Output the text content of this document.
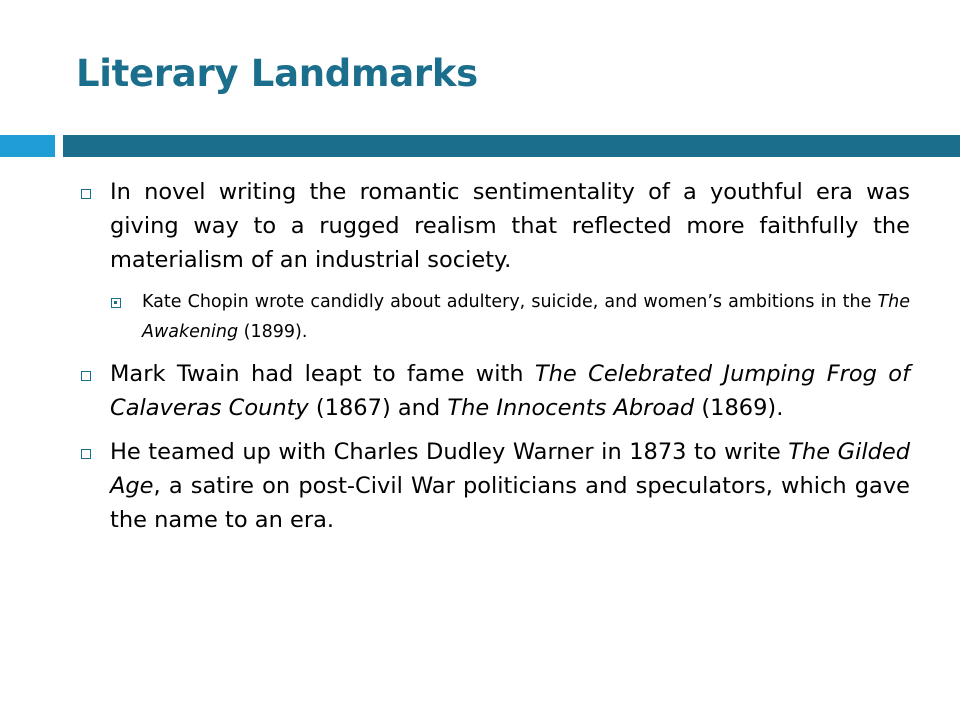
Literary Landmarks
In novel writing the romantic sentimentality of a youthful era was giving way to a rugged realism that reflected more faithfully the materialism of an industrial society.
Kate Chopin wrote candidly about adultery, suicide, and women’s ambitions in the The Awakening (1899).
Mark Twain had leapt to fame with The Celebrated Jumping Frog of Calaveras County (1867) and The Innocents Abroad (1869).
He teamed up with Charles Dudley Warner in 1873 to write The Gilded Age, a satire on post-Civil War politicians and speculators, which gave the name to an era.
